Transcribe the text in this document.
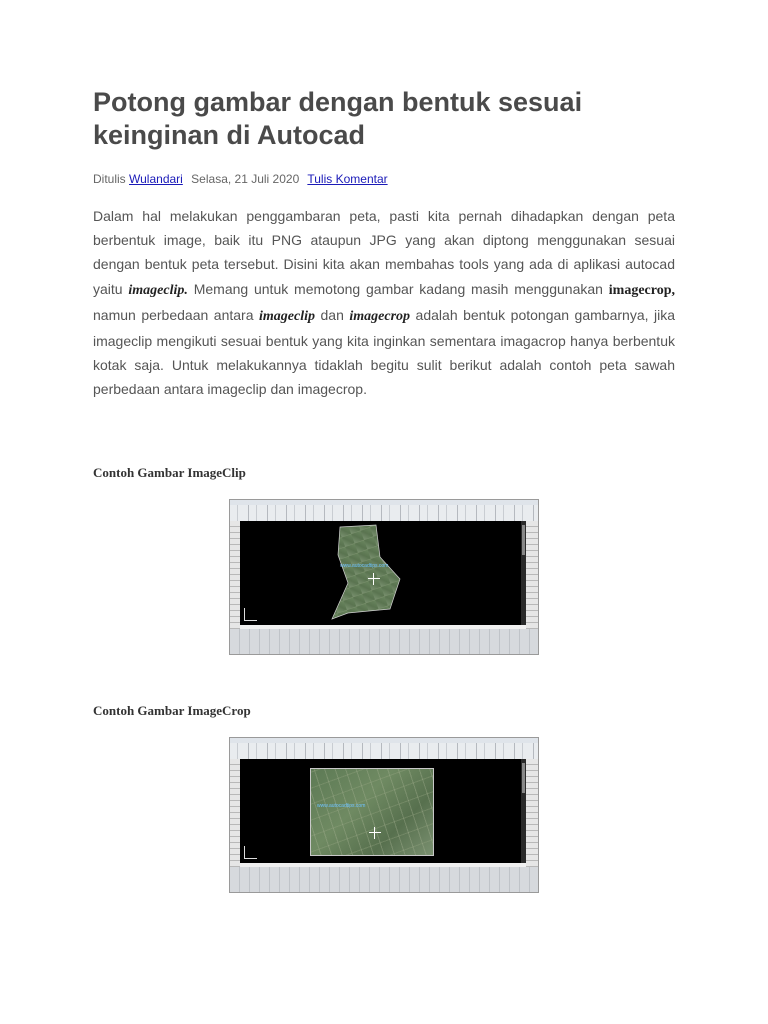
Potong gambar dengan bentuk sesuai keinginan di Autocad
Ditulis Wulandari Selasa, 21 Juli 2020 Tulis Komentar

Dalam hal melakukan penggambaran peta, pasti kita pernah dihadapkan dengan peta berbentuk image, baik itu PNG ataupun JPG yang akan diptong menggunakan sesuai dengan bentuk peta tersebut. Disini kita akan membahas tools yang ada di aplikasi autocad yaitu imageclip. Memang untuk memotong gambar kadang masih menggunakan imagecrop, namun perbedaan antara imageclip dan imagecrop adalah bentuk potongan gambarnya, jika imageclip mengikuti sesuai bentuk yang kita inginkan sementara imagacrop hanya berbentuk kotak saja. Untuk melakukannya tidaklah begitu sulit berikut adalah contoh peta sawah perbedaan antara imageclip dan imagecrop.

Contoh Gambar ImageClip
www.autocadtips.com
Contoh Gambar ImageCrop
www.autocadtips.com
